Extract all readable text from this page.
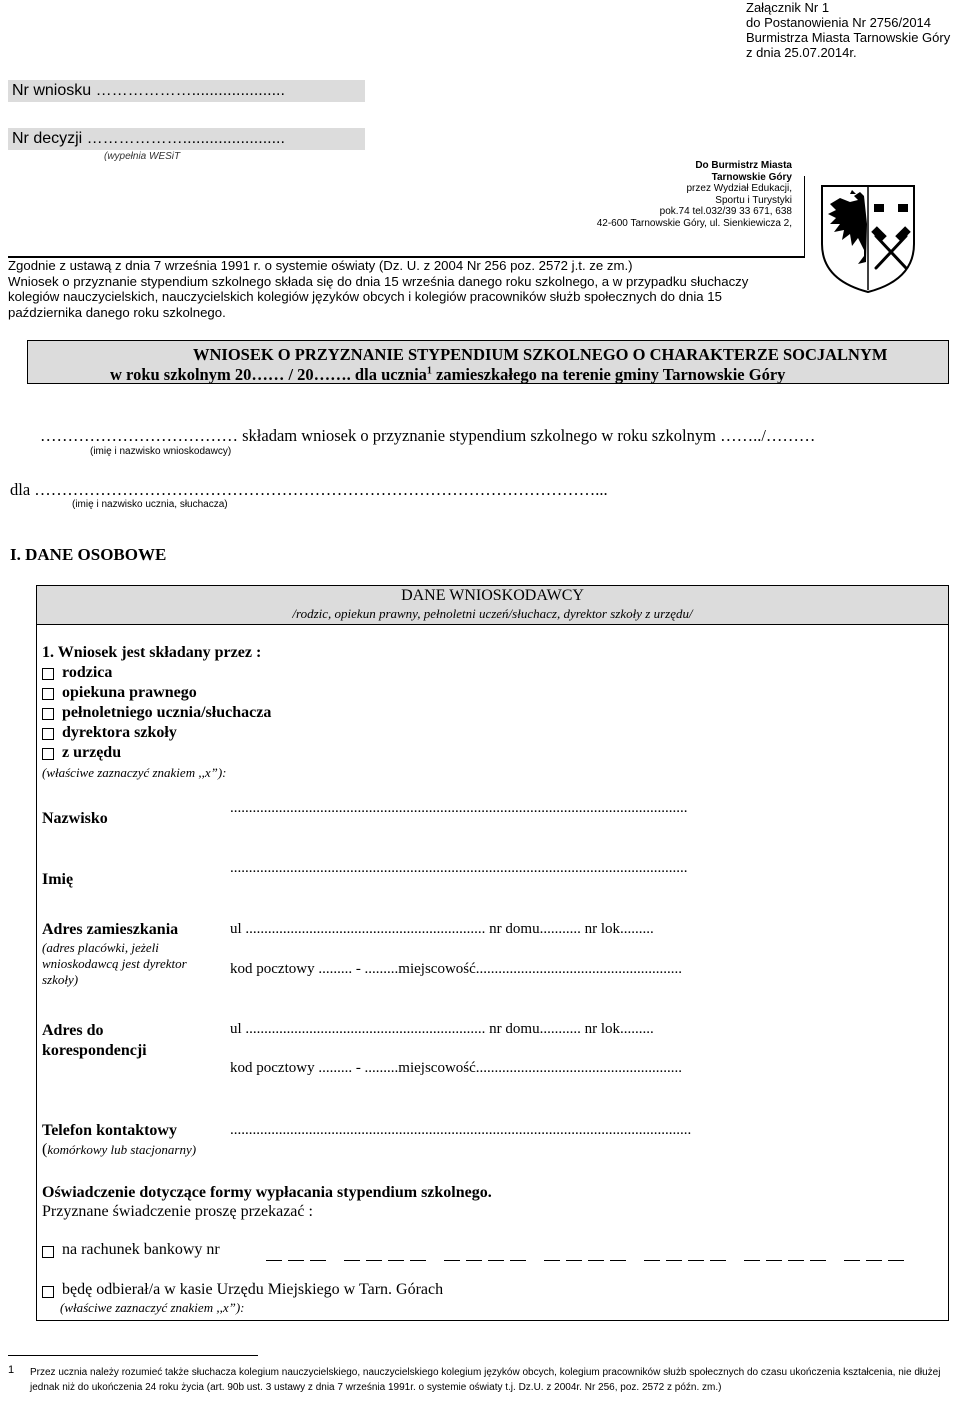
Załącznik Nr 1
do Postanowienia Nr 2756/2014
Burmistrza Miasta Tarnowskie Góry
z dnia 25.07.2014r.
Nr wniosku ……………….....................
Nr decyzji ……………….......................
(wypełnia WESiT
Do Burmistrz Miasta
Tarnowskie Góry
przez Wydział Edukacji,
Sportu i Turystyki
pok.74 tel.032/39 33 671, 638
42-600 Tarnowskie Góry, ul. Sienkiewicza 2,
Zgodnie z ustawą z dnia 7 września 1991 r. o systemie oświaty (Dz. U. z 2004 Nr 256 poz. 2572 j.t. ze zm.)
Wniosek o przyznanie stypendium szkolnego składa się do dnia 15 września danego roku szkolnego, a w przypadku słuchaczy kolegiów nauczycielskich, nauczycielskich kolegiów języków obcych i kolegiów pracowników służb społecznych do dnia 15 października danego roku szkolnego.
WNIOSEK O PRZYZNANIE STYPENDIUM SZKOLNEGO O CHARAKTERZE SOCJALNYM
w roku szkolnym 20…… / 20……. dla ucznia$^1$ zamieszkałego na terenie gminy Tarnowskie Góry
……………………………… składam wniosek o przyznanie stypendium szkolnego w roku szkolnym ……../………
(imię i nazwisko wnioskodawcy)
dla …………………………………………………………………………………………...
(imię i nazwisko ucznia, słuchacza)
I. DANE OSOBOWE
DANE WNIOSKODAWCY
/rodzic, opiekun prawny, pełnoletni uczeń/słuchacz, dyrektor szkoły z urzędu/
1. Wniosek jest składany przez :
rodzica
opiekuna prawnego
pełnoletniego ucznia/słuchacza
dyrektora szkoły
z urzędu
(właściwe zaznaczyć znakiem ,,x”):
Nazwisko
..........................................................................................................................
Imię
..........................................................................................................................
Adres zamieszkania
(adres placówki, jeżeli wnioskodawcą jest dyrektor szkoły)
ul ................................................................ nr domu........... nr lok.........
kod pocztowy ......... - .........miejscowość.......................................................
Adres do korespondencji
ul ................................................................ nr domu........... nr lok.........
kod pocztowy ......... - .........miejscowość.......................................................
Telefon kontaktowy
(komórkowy lub stacjonarny)
...........................................................................................................................
Oświadczenie dotyczące formy wypłacania stypendium szkolnego.
Przyznane świadczenie proszę przekazać :
na rachunek bankowy nr
będę odbierał/a w kasie Urzędu Miejskiego w Tarn. Górach
(właściwe zaznaczyć znakiem ,,x”):
1 Przez ucznia należy rozumieć także słuchacza kolegium nauczycielskiego, nauczycielskiego kolegium języków obcych, kolegium pracowników służb społecznych do czasu ukończenia kształcenia, nie dłużej jednak niż do ukończenia 24 roku życia (art. 90b ust. 3 ustawy z dnia 7 września 1991r. o systemie oświaty t.j. Dz.U. z 2004r. Nr 256, poz. 2572 z późn. zm.)
